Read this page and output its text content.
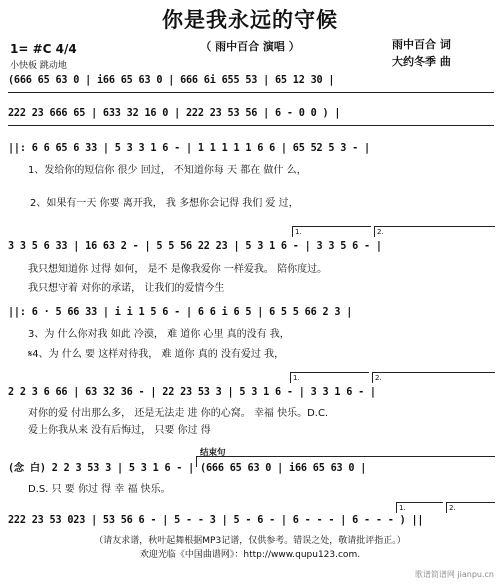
你是我永远的守候
（ 雨中百合 演唱 ）	雨中百合 词
大约冬季 曲
1= #C 4/4
小快板 跳动地
(666 65 63 0 | i66 65 63 0 | 666 6i 655 53 | 65 12 30 |
222 23 666 65 | 633 32 16 0 | 222 23 53 56 | 6 - 0 0 ) |
||: 6 6 65 6 33 | 5 3 3 1 6 - | 1 1 1 1 1 6 6 | 65 52 5 3 - |
1、发给你的短信你 很少 回过， 不知道你每 天 都在 做什 么，
2、如果有一天 你要 离开我， 我 多想你会记得 我们 爱 过，
1.	2.
3 3 5 6 33 | 16 63 2 - | 5 5 56 22 23 | 5 3 1 6 - | 3 3 5 6 - |
我只想知道你 过得 如何， 是不 是像我爱你 一样爱我。 陪你度过。
我只想守着 对你的承诺， 让我们的爱情今生
||: 6 · 5 66 33 | i i 1 5 6 - | 6 6 i 6 5 | 6 5 5 66 2 3 |
3、为 什么你对我 如此 冷漠， 难 道你 心里 真的没有 我，
𝄋4、为 什么 要 这样对待我， 难 道你 真的 没有爱过 我，
1.	2.
2 2 3 6 66 | 63 32 36 - | 22 23 53 3 | 5 3 1 6 - | 3 3 1 6 - |
对你的爱 付出那么多， 还是无法走 进 你的心窝。 幸福 快乐。D.C.
爱上你我从来 没有后悔过， 只要 你过 得
结束句
(念 白) 2 2 3 53 3 | 5 3 1 6 - | (666 65 63 0 | i66 65 63 0 |
D.S. 只 要 你过 得 幸 福 快乐。
1.	2.
222 23 53 023 | 53 56 6 - | 5 - - 3 | 5 - 6 - | 6 - - - | 6 - - - ) ||
（请友求谱，秋叶起舞根据MP3记谱，仅供参考。错误之处，敬请批评指正。）
欢迎光临《中国曲谱网》：http://www.qupu123.com.
歌谱简谱网 jianpu.cn
